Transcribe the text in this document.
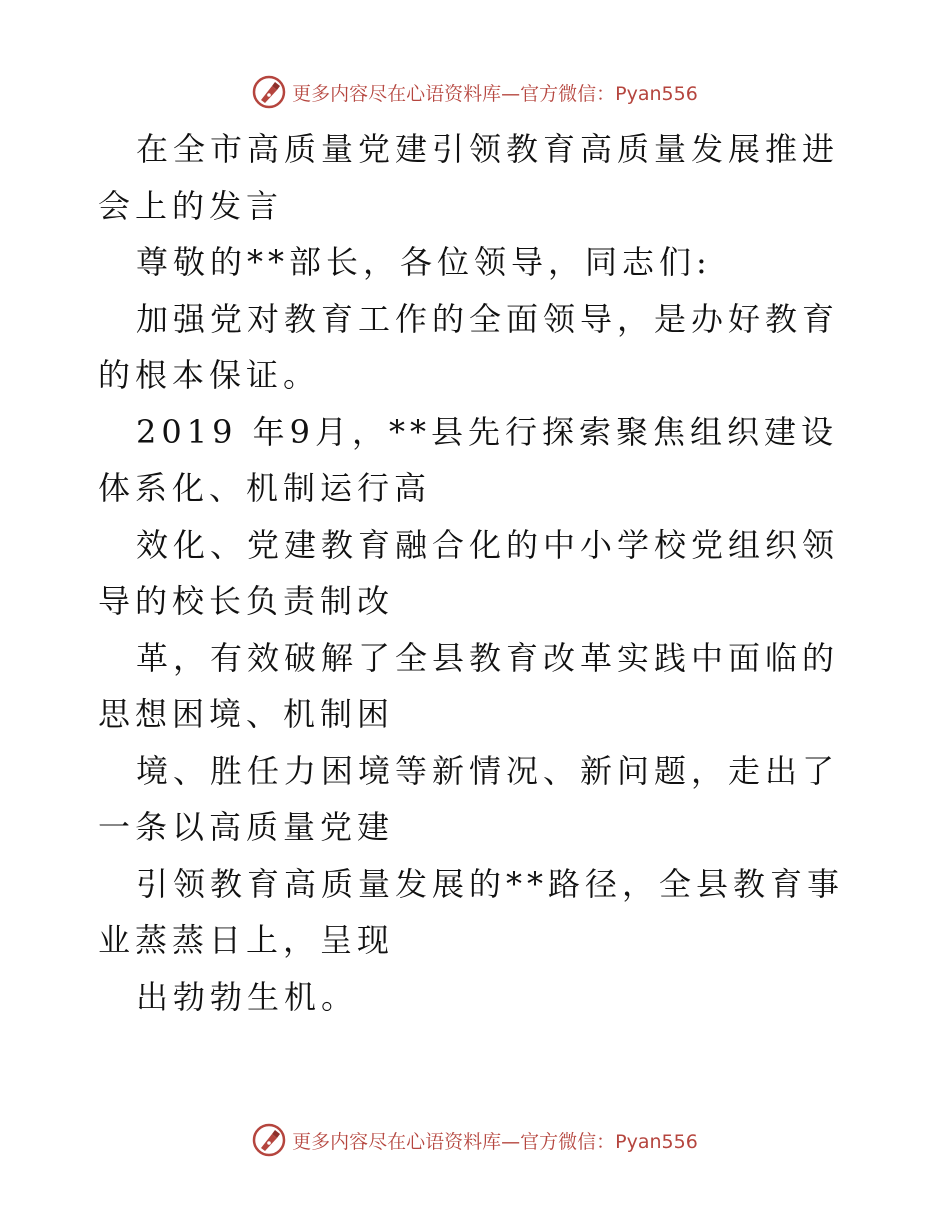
更多内容尽在心语资料库—官方微信：Pyan556

在全市高质量党建引领教育高质量发展推进会上的发言

尊敬的**部长，各位领导，同志们:

加强党对教育工作的全面领导，是办好教育的根本保证。

2019 年9月，**县先行探索聚焦组织建设体系化、机制运行高

效化、党建教育融合化的中小学校党组织领导的校长负责制改

革，有效破解了全县教育改革实践中面临的思想困境、机制困

境、胜任力困境等新情况、新问题，走出了一条以高质量党建

引领教育高质量发展的**路径，全县教育事业蒸蒸日上，呈现

出勃勃生机。

更多内容尽在心语资料库—官方微信：Pyan556
